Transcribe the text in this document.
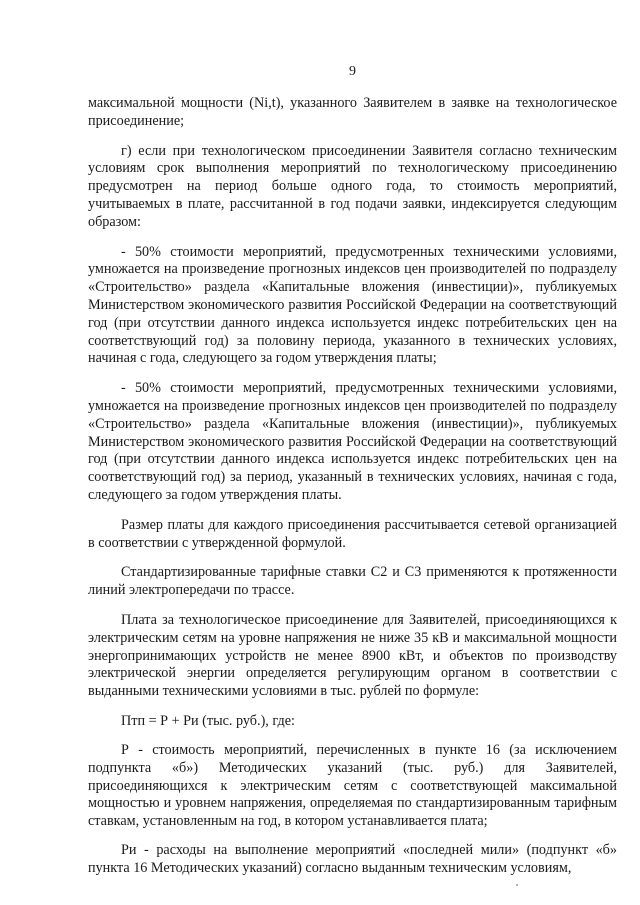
9

максимальной мощности (Ni,t), указанного Заявителем в заявке на технологическое присоединение;

г) если при технологическом присоединении Заявителя согласно техническим условиям срок выполнения мероприятий по технологическому присоединению предусмотрен на период больше одного года, то стоимость мероприятий, учитываемых в плате, рассчитанной в год подачи заявки, индексируется следующим образом:

- 50% стоимости мероприятий, предусмотренных техническими условиями, умножается на произведение прогнозных индексов цен производителей по подразделу «Строительство» раздела «Капитальные вложения (инвестиции)», публикуемых Министерством экономического развития Российской Федерации на соответствующий год (при отсутствии данного индекса используется индекс потребительских цен на соответствующий год) за половину периода, указанного в технических условиях, начиная с года, следующего за годом утверждения платы;

- 50% стоимости мероприятий, предусмотренных техническими условиями, умножается на произведение прогнозных индексов цен производителей по подразделу «Строительство» раздела «Капитальные вложения (инвестиции)», публикуемых Министерством экономического развития Российской Федерации на соответствующий год (при отсутствии данного индекса используется индекс потребительских цен на соответствующий год) за период, указанный в технических условиях, начиная с года, следующего за годом утверждения платы.

Размер платы для каждого присоединения рассчитывается сетевой организацией в соответствии с утвержденной формулой.

Стандартизированные тарифные ставки С2 и С3 применяются к протяженности линий электропередачи по трассе.

Плата за технологическое присоединение для Заявителей, присоединяющихся к электрическим сетям на уровне напряжения не ниже 35 кВ и максимальной мощности энергопринимающих устройств не менее 8900 кВт, и объектов по производству электрической энергии определяется регулирующим органом в соответствии с выданными техническими условиями в тыс. рублей по формуле:

Птп = Р + Ри (тыс. руб.), где:

Р - стоимость мероприятий, перечисленных в пункте 16 (за исключением подпункта «б») Методических указаний (тыс. руб.) для Заявителей, присоединяющихся к электрическим сетям с соответствующей максимальной мощностью и уровнем напряжения, определяемая по стандартизированным тарифным ставкам, установленным на год, в котором устанавливается плата;

Ри - расходы на выполнение мероприятий «последней мили» (подпункт «б» пункта 16 Методических указаний) согласно выданным техническим условиям,
